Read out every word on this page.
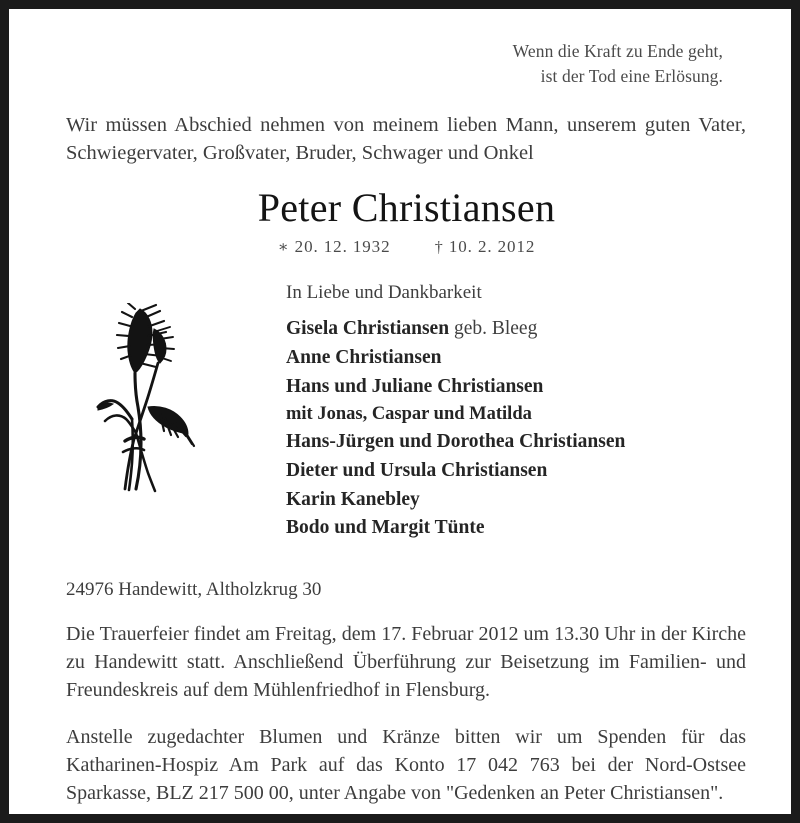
Wenn die Kraft zu Ende geht,
ist der Tod eine Erlösung.

Wir müssen Abschied nehmen von meinem lieben Mann, unserem guten Vater, Schwiegervater, Großvater, Bruder, Schwager und Onkel

Peter Christiansen
∗ 20. 12. 1932	† 10. 2. 2012
In Liebe und Dankbarkeit
Gisela Christiansen geb. Bleeg
Anne Christiansen
Hans und Juliane Christiansen
mit Jonas, Caspar und Matilda
Hans-Jürgen und Dorothea Christiansen
Dieter und Ursula Christiansen
Karin Kanebley
Bodo und Margit Tünte

24976 Handewitt, Altholzkrug 30

Die Trauerfeier findet am Freitag, dem 17. Februar 2012 um 13.30 Uhr in der Kirche zu Handewitt statt. Anschließend Überführung zur Beisetzung im Familien- und Freundeskreis auf dem Mühlenfriedhof in Flensburg.

Anstelle zugedachter Blumen und Kränze bitten wir um Spenden für das Katharinen-Hospiz Am Park auf das Konto 17 042 763 bei der Nord-Ostsee Sparkasse, BLZ 217 500 00, unter Angabe von "Gedenken an Peter Christiansen".
